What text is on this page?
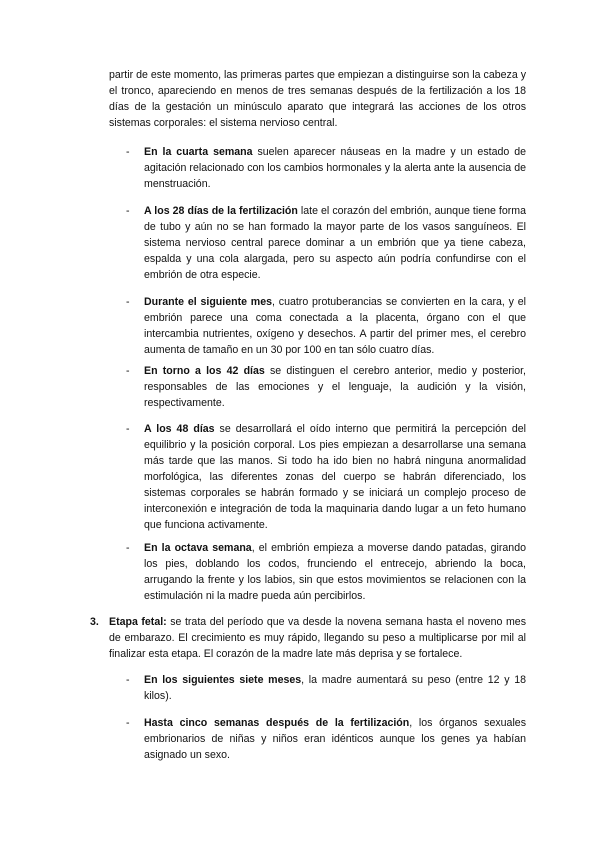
partir de este momento, las primeras partes que empiezan a distinguirse son la cabeza y el tronco, apareciendo en menos de tres semanas después de la fertilización a los 18 días de la gestación un minúsculo aparato que integrará las acciones de los otros sistemas corporales: el sistema nervioso central.

- En la cuarta semana suelen aparecer náuseas en la madre y un estado de agitación relacionado con los cambios hormonales y la alerta ante la ausencia de menstruación.

- A los 28 días de la fertilización late el corazón del embrión, aunque tiene forma de tubo y aún no se han formado la mayor parte de los vasos sanguíneos. El sistema nervioso central parece dominar a un embrión que ya tiene cabeza, espalda y una cola alargada, pero su aspecto aún podría confundirse con el embrión de otra especie.

- Durante el siguiente mes, cuatro protuberancias se convierten en la cara, y el embrión parece una coma conectada a la placenta, órgano con el que intercambia nutrientes, oxígeno y desechos. A partir del primer mes, el cerebro aumenta de tamaño en un 30 por 100 en tan sólo cuatro días.

- En torno a los 42 días se distinguen el cerebro anterior, medio y posterior, responsables de las emociones y el lenguaje, la audición y la visión, respectivamente.

- A los 48 días se desarrollará el oído interno que permitirá la percepción del equilibrio y la posición corporal. Los pies empiezan a desarrollarse una semana más tarde que las manos. Si todo ha ido bien no habrá ninguna anormalidad morfológica, las diferentes zonas del cuerpo se habrán diferenciado, los sistemas corporales se habrán formado y se iniciará un complejo proceso de interconexión e integración de toda la maquinaria dando lugar a un feto humano que funciona activamente.

- En la octava semana, el embrión empieza a moverse dando patadas, girando los pies, doblando los codos, frunciendo el entrecejo, abriendo la boca, arrugando la frente y los labios, sin que estos movimientos se relacionen con la estimulación ni la madre pueda aún percibirlos.

3. Etapa fetal: se trata del período que va desde la novena semana hasta el noveno mes de embarazo. El crecimiento es muy rápido, llegando su peso a multiplicarse por mil al finalizar esta etapa. El corazón de la madre late más deprisa y se fortalece.

- En los siguientes siete meses, la madre aumentará su peso (entre 12 y 18 kilos).

- Hasta cinco semanas después de la fertilización, los órganos sexuales embrionarios de niñas y niños eran idénticos aunque los genes ya habían asignado un sexo.
